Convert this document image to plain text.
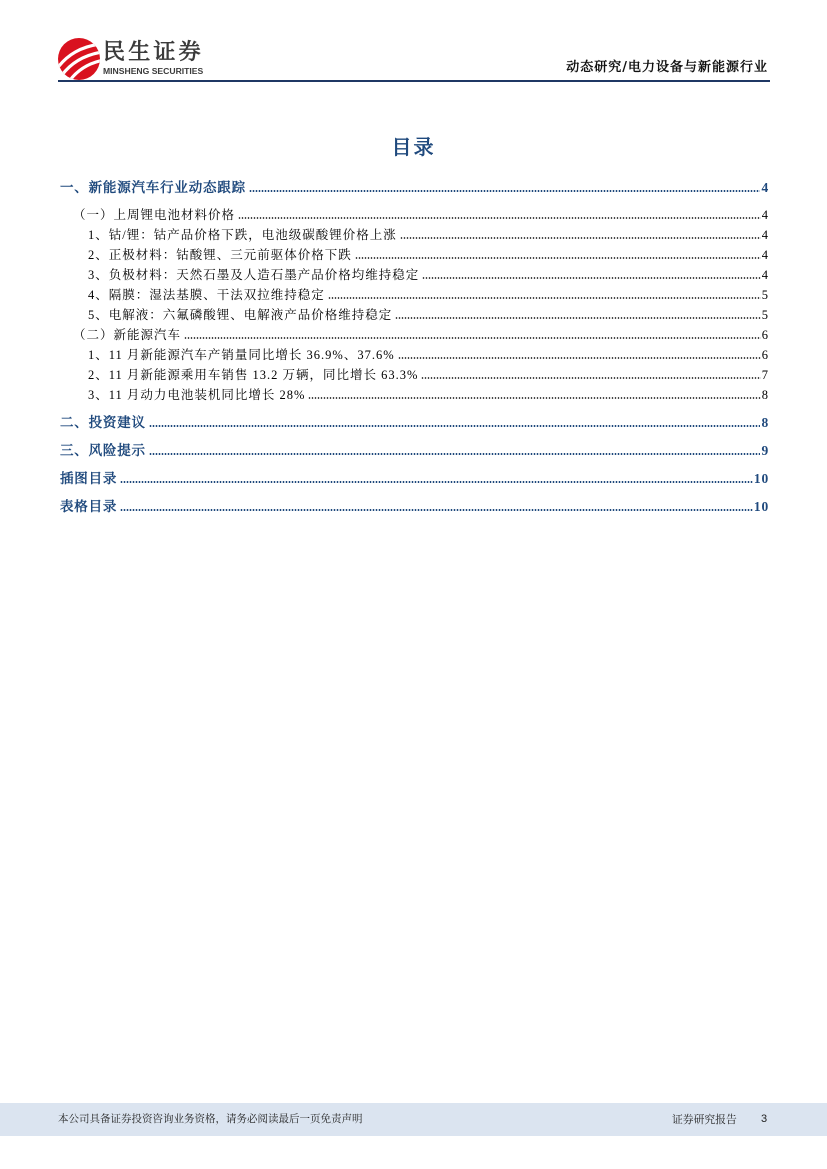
民生证券
MINSHENG SECURITIES	动态研究/电力设备与新能源行业
目录
一、新能源汽车行业动态跟踪	4
（一）上周锂电池材料价格	4
1、钴/锂：钴产品价格下跌，电池级碳酸锂价格上涨	4
2、正极材料：钴酸锂、三元前驱体价格下跌	4
3、负极材料：天然石墨及人造石墨产品价格均维持稳定	4
4、隔膜：湿法基膜、干法双拉维持稳定	5
5、电解液：六氟磷酸锂、电解液产品价格维持稳定	5
（二）新能源汽车	6
1、11 月新能源汽车产销量同比增长 36.9%、37.6%	6
2、11 月新能源乘用车销售 13.2 万辆，同比增长 63.3%	7
3、11 月动力电池装机同比增长 28%	8
二、投资建议	8
三、风险提示	9
插图目录	10
表格目录	10
本公司具备证券投资咨询业务资格，请务必阅读最后一页免责声明	证券研究报告 3
